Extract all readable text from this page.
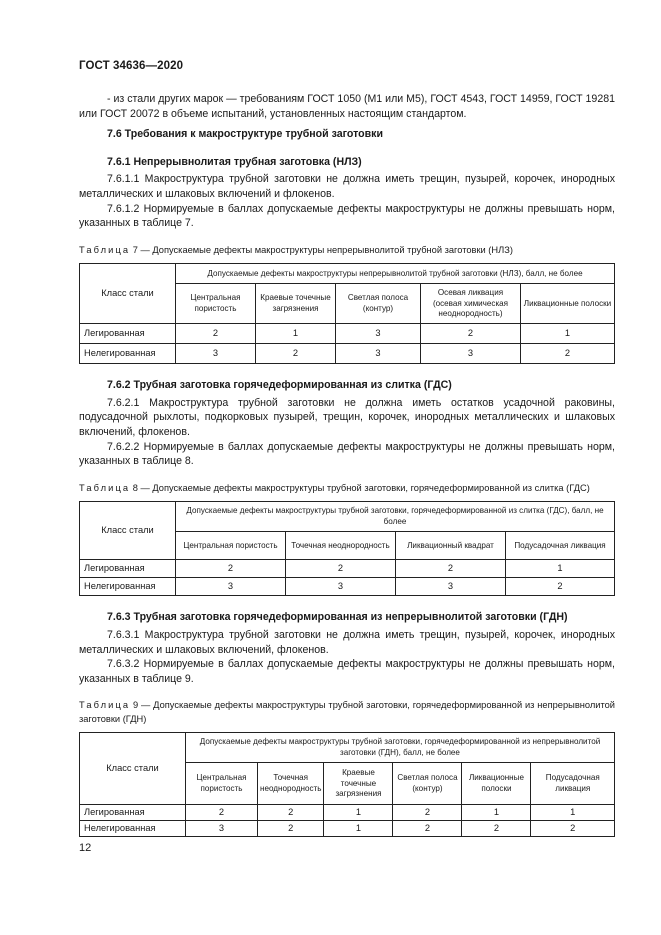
ГОСТ 34636—2020

- из стали других марок — требованиям ГОСТ 1050 (М1 или М5), ГОСТ 4543, ГОСТ 14959, ГОСТ 19281 или ГОСТ 20072 в объеме испытаний, установленных настоящим стандартом.

7.6 Требования к макроструктуре трубной заготовки
7.6.1 Непрерывнолитая трубная заготовка (НЛЗ)

7.6.1.1 Макроструктура трубной заготовки не должна иметь трещин, пузырей, корочек, инородных металлических и шлаковых включений и флокенов.

7.6.1.2 Нормируемые в баллах допускаемые дефекты макроструктуры не должны превышать норм, указанных в таблице 7.

Таблица 7 — Допускаемые дефекты макроструктуры непрерывнолитой трубной заготовки (НЛЗ)

Класс стали	Допускаемые дефекты макроструктуры непрерывнолитой трубной заготовки (НЛЗ), балл, не более				
	Центральная пористость	Краевые точечные загрязнения	Светлая полоса (контур)	Осевая ликвация (осевая химическая неоднородность)	Ликвационные полоски
Легированная	2	1	3	2	1
Нелегированная	3	2	3	3	2
7.6.2 Трубная заготовка горячедеформированная из слитка (ГДС)

7.6.2.1 Макроструктура трубной заготовки не должна иметь остатков усадочной раковины, подусадочной рыхлоты, подкорковых пузырей, трещин, корочек, инородных металлических и шлаковых включений, флокенов.

7.6.2.2 Нормируемые в баллах допускаемые дефекты макроструктуры не должны превышать норм, указанных в таблице 8.

Таблица 8 — Допускаемые дефекты макроструктуры трубной заготовки, горячедеформированной из слитка (ГДС)

Класс стали	Допускаемые дефекты макроструктуры трубной заготовки, горячедеформированной из слитка (ГДС), балл, не более			
	Центральная пористость	Точечная неоднородность	Ликвационный квадрат	Подусадочная ликвация
Легированная	2	2	2	1
Нелегированная	3	3	3	2
7.6.3 Трубная заготовка горячедеформированная из непрерывнолитой заготовки (ГДН)

7.6.3.1 Макроструктура трубной заготовки не должна иметь трещин, пузырей, корочек, инородных металлических и шлаковых включений, флокенов.

7.6.3.2 Нормируемые в баллах допускаемые дефекты макроструктуры не должны превышать норм, указанных в таблице 9.

Таблица 9 — Допускаемые дефекты макроструктуры трубной заготовки, горячедеформированной из непрерывнолитой заготовки (ГДН)

Класс стали	Допускаемые дефекты макроструктуры трубной заготовки, горячедеформированной из непрерывнолитой заготовки (ГДН), балл, не более					
	Центральная пористость	Точечная неоднородность	Краевые точечные загрязнения	Светлая полоса (контур)	Ликвационные полоски	Подусадочная ликвация
Легированная	2	2	1	2	1	1
Нелегированная	3	2	1	2	2	2
12
